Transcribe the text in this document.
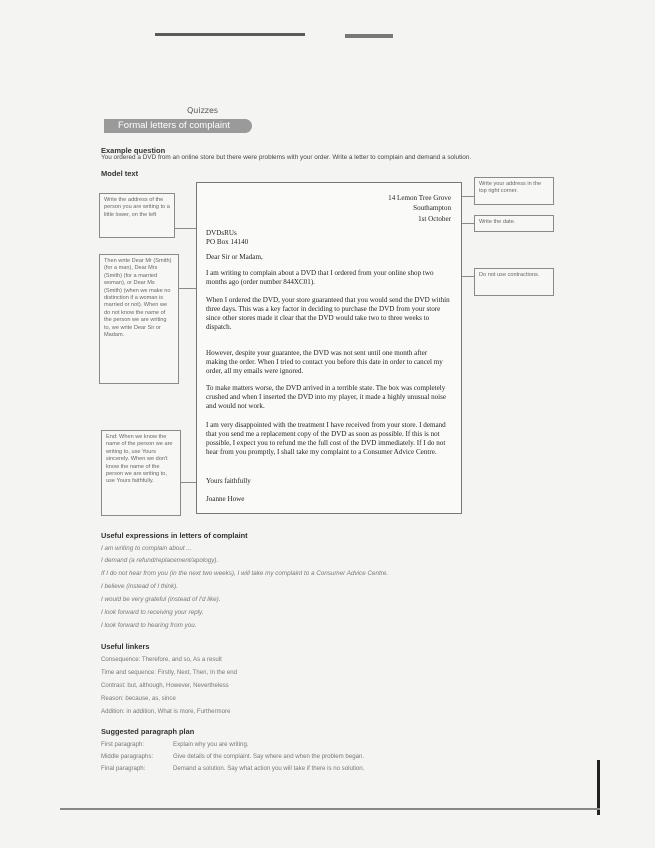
Quizzes
Formal letters of complaint
Example question
You ordered a DVD from an online store but there were problems with your order. Write a letter to complain and demand a solution.
Model text
Write the address of the person you are writing to a little lower, on the left
Then write Dear Mr (Smith) (for a man), Dear Mrs (Smith) (for a married woman), or Dear Ms (Smith) (when we make no distinction if a woman is married or not). When we do not know the name of the person we are writing to, we write Dear Sir or Madam.
End: When we know the name of the person we are writing to, use Yours sincerely. When we don't know the name of the person we are writing to, use Yours faithfully.
Write your address in the top right corner.
Write the date.
Do not use contractions.
14 Lemon Tree Grove
Southampton
1st October
DVDsRUs
PO Box 14140
Dear Sir or Madam,
I am writing to complain about a DVD that I ordered from your online shop two months ago (order number 844XC01).
When I ordered the DVD, your store guaranteed that you would send the DVD within three days. This was a key factor in deciding to purchase the DVD from your store since other stores made it clear that the DVD would take two to three weeks to dispatch.
However, despite your guarantee, the DVD was not sent until one month after making the order. When I tried to contact you before this date in order to cancel my order, all my emails were ignored.
To make matters worse, the DVD arrived in a terrible state. The box was completely crushed and when I inserted the DVD into my player, it made a highly unusual noise and would not work.
I am very disappointed with the treatment I have received from your store. I demand that you send me a replacement copy of the DVD as soon as possible. If this is not possible, I expect you to refund me the full cost of the DVD immediately. If I do not hear from you promptly, I shall take my complaint to a Consumer Advice Centre.
Yours faithfully
Joanne Howe
Useful expressions in letters of complaint
I am writing to complain about ...
I demand (a refund/replacement/apology).
If I do not hear from you (in the next two weeks), I will take my complaint to a Consumer Advice Centre.
I believe (instead of I think).
I would be very grateful (instead of I'd like).
I look forward to receiving your reply.
I look forward to hearing from you.
Useful linkers
Consequence: Therefore, and so, As a result
Time and sequence: Firstly, Next, Then, In the end
Contrast: but, although, However, Nevertheless
Reason: because, as, since
Addition: in addition, What is more, Furthermore
Suggested paragraph plan
First paragraph:	Explain why you are writing.
Middle paragraphs:	Give details of the complaint. Say where and when the problem began.
Final paragraph:	Demand a solution. Say what action you will take if there is no solution.
